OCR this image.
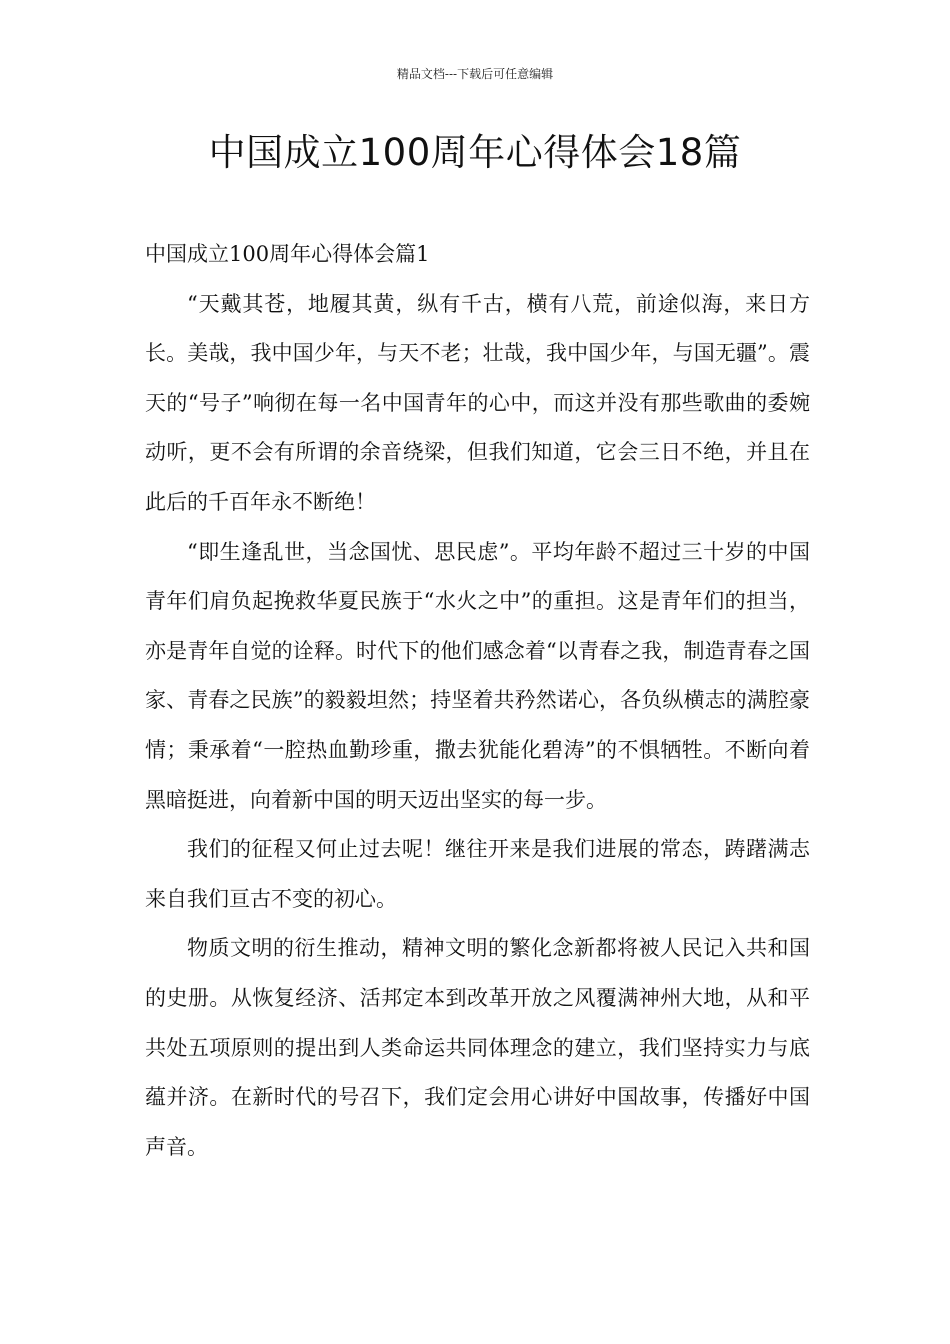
精品文档---下载后可任意编辑
中国成立100周年心得体会18篇
中国成立100周年心得体会篇1

“天戴其苍，地履其黄，纵有千古，横有八荒，前途似海，来日方长。美哉，我中国少年，与天不老；壮哉，我中国少年，与国无疆”。震天的“号子”响彻在每一名中国青年的心中，而这并没有那些歌曲的委婉动听，更不会有所谓的余音绕梁，但我们知道，它会三日不绝，并且在此后的千百年永不断绝！

“即生逢乱世，当念国忧、思民虑”。平均年龄不超过三十岁的中国青年们肩负起挽救华夏民族于“水火之中”的重担。这是青年们的担当，亦是青年自觉的诠释。时代下的他们感念着“以青春之我，制造青春之国家、青春之民族”的毅毅坦然；持坚着共矜然诺心，各负纵横志的满腔豪情；秉承着“一腔热血勤珍重，撒去犹能化碧涛”的不惧牺牲。不断向着黑暗挺进，向着新中国的明天迈出坚实的每一步。

我们的征程又何止过去呢！继往开来是我们进展的常态，踌躇满志来自我们亘古不变的初心。

物质文明的衍生推动，精神文明的繁化念新都将被人民记入共和国的史册。从恢复经济、活邦定本到改革开放之风覆满神州大地，从和平共处五项原则的提出到人类命运共同体理念的建立，我们坚持实力与底蕴并济。在新时代的号召下，我们定会用心讲好中国故事，传播好中国声音。
